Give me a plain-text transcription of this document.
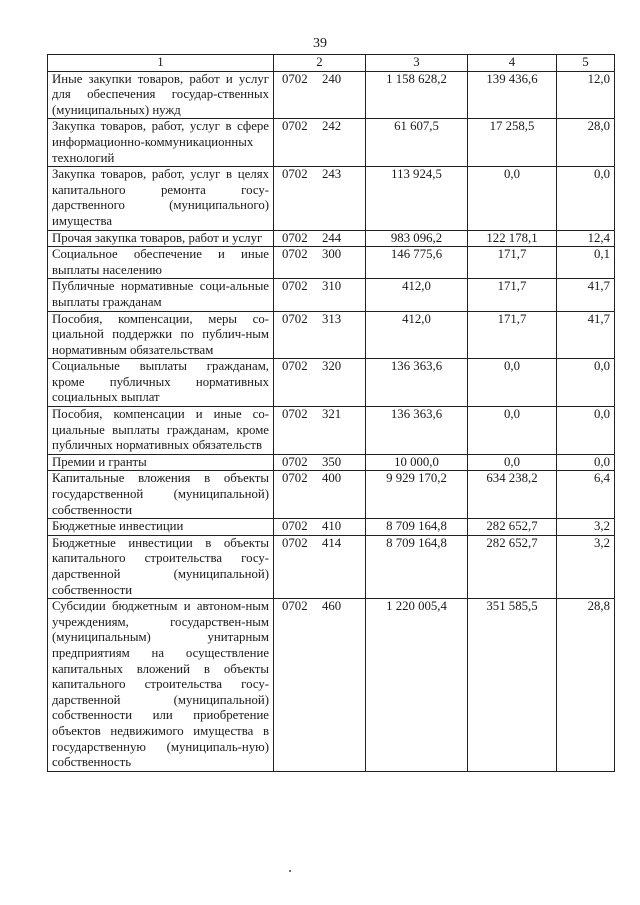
39
1	2	3	4	5
Иные закупки товаров, работ и услуг для обеспечения государ-ственных (муниципальных) нужд	0702 240	1 158 628,2	139 436,6	12,0
Закупка товаров, работ, услуг в сфере информационно-коммуникационных технологий	0702 242	61 607,5	17 258,5	28,0
Закупка товаров, работ, услуг в целях капитального ремонта госу-дарственного (муниципального) имущества	0702 243	113 924,5	0,0	0,0
Прочая закупка товаров, работ и услуг	0702 244	983 096,2	122 178,1	12,4
Социальное обеспечение и иные выплаты населению	0702 300	146 775,6	171,7	0,1
Публичные нормативные соци-альные выплаты гражданам	0702 310	412,0	171,7	41,7
Пособия, компенсации, меры со-циальной поддержки по публич-ным нормативным обязательствам	0702 313	412,0	171,7	41,7
Социальные выплаты гражданам, кроме публичных нормативных социальных выплат	0702 320	136 363,6	0,0	0,0
Пособия, компенсации и иные со-циальные выплаты гражданам, кроме публичных нормативных обязательств	0702 321	136 363,6	0,0	0,0
Премии и гранты	0702 350	10 000,0	0,0	0,0
Капитальные вложения в объекты государственной (муниципальной) собственности	0702 400	9 929 170,2	634 238,2	6,4
Бюджетные инвестиции	0702 410	8 709 164,8	282 652,7	3,2
Бюджетные инвестиции в объекты капитального строительства госу-дарственной (муниципальной) собственности	0702 414	8 709 164,8	282 652,7	3,2
Субсидии бюджетным и автоном-ным учреждениям, государствен-ным (муниципальным) унитарным предприятиям на осуществление капитальных вложений в объекты капитального строительства госу-дарственной (муниципальной) собственности или приобретение объектов недвижимого имущества в государственную (муниципаль-ную) собственность	0702 460	1 220 005,4	351 585,5	28,8
